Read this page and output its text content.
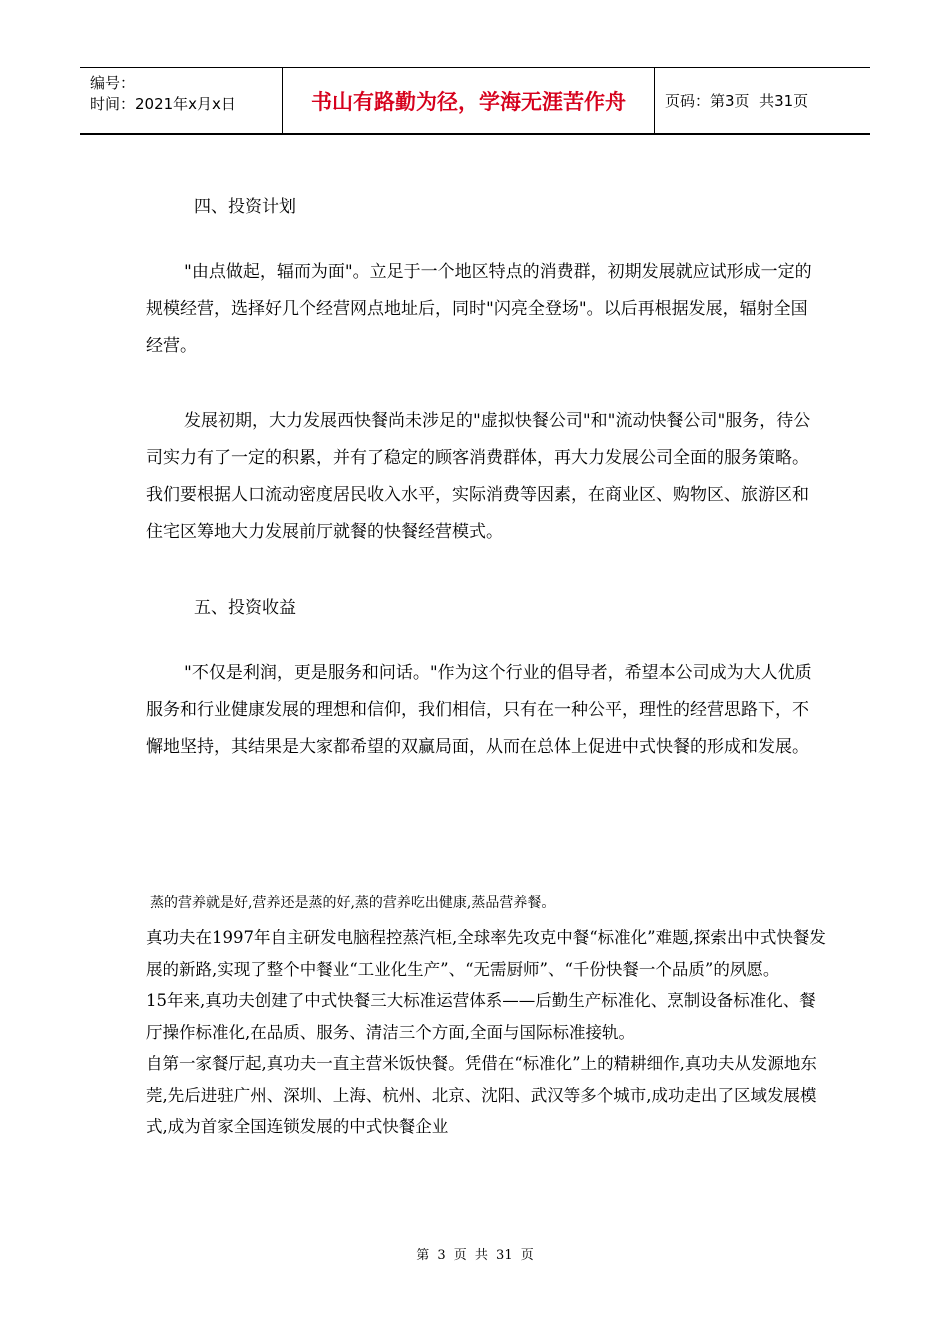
编号：
时间：2021年x月x日	书山有路勤为径，学海无涯苦作舟	页码：第3页  共31页
四、投资计划

"由点做起，辐而为面"。立足于一个地区特点的消费群，初期发展就应试形成一定的规模经营，选择好几个经营网点地址后，同时"闪亮全登场"。以后再根据发展，辐射全国经营。

发展初期，大力发展西快餐尚未涉足的"虚拟快餐公司"和"流动快餐公司"服务，待公司实力有了一定的积累，并有了稳定的顾客消费群体，再大力发展公司全面的服务策略。我们要根据人口流动密度居民收入水平，实际消费等因素，在商业区、购物区、旅游区和住宅区筹地大力发展前厅就餐的快餐经营模式。

五、投资收益

"不仅是利润，更是服务和问话。"作为这个行业的倡导者，希望本公司成为大人优质服务和行业健康发展的理想和信仰，我们相信，只有在一种公平，理性的经营思路下，不懈地坚持，其结果是大家都希望的双赢局面，从而在总体上促进中式快餐的形成和发展。

蒸的营养就是好,营养还是蒸的好,蒸的营养吃出健康,蒸品营养餐。

真功夫在1997年自主研发电脑程控蒸汽柜,全球率先攻克中餐“标准化”难题,探索出中式快餐发展的新路,实现了整个中餐业“工业化生产”、“无需厨师”、“千份快餐一个品质”的夙愿。

15年来,真功夫创建了中式快餐三大标准运营体系——后勤生产标准化、烹制设备标准化、餐厅操作标准化,在品质、服务、清洁三个方面,全面与国际标准接轨。

自第一家餐厅起,真功夫一直主营米饭快餐。凭借在“标准化”上的精耕细作,真功夫从发源地东莞,先后进驻广州、深圳、上海、杭州、北京、沈阳、武汉等多个城市,成功走出了区域发展模式,成为首家全国连锁发展的中式快餐企业

第 3 页 共 31 页
